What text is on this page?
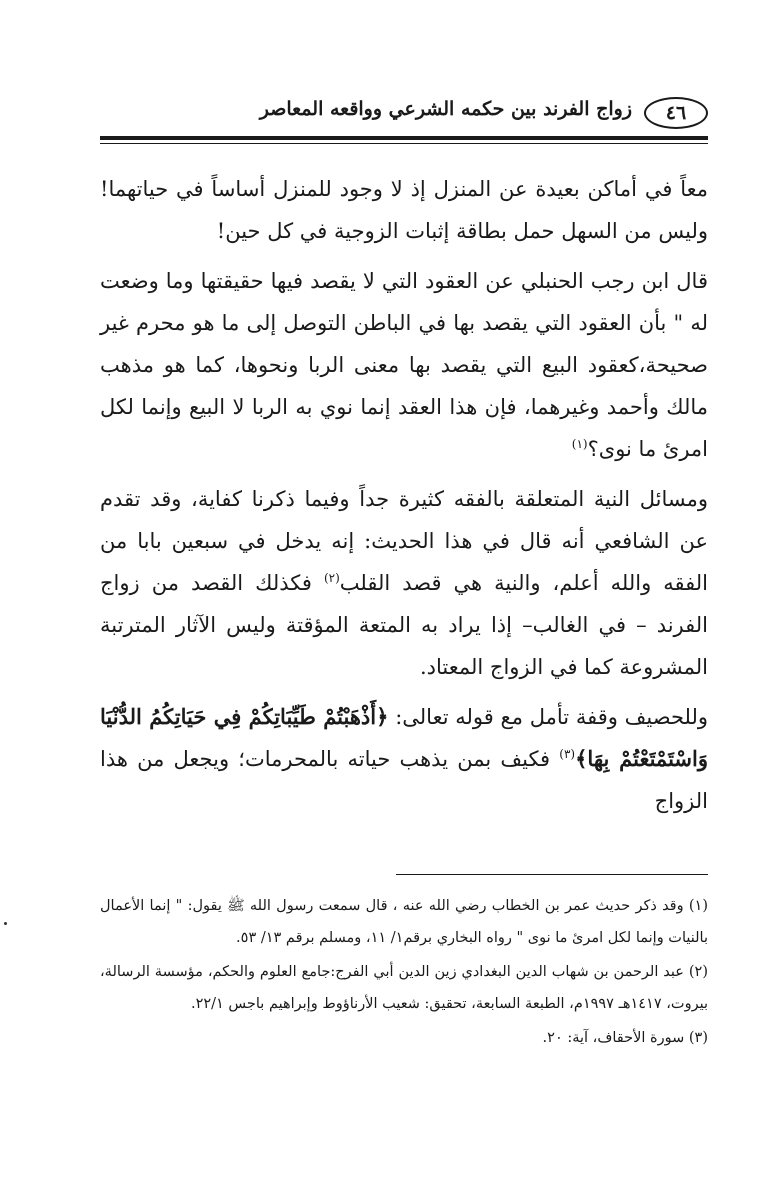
٤٦
زواج الفرند بين حكمه الشرعي وواقعه المعاصر

معاً في أماكن بعيدة عن المنزل إذ لا وجود للمنزل أساساً في حياتهما! وليس من السهل حمل بطاقة إثبات الزوجية في كل حين!

قال ابن رجب الحنبلي عن العقود التي لا يقصد فيها حقيقتها وما وضعت له " بأن العقود التي يقصد بها في الباطن التوصل إلى ما هو محرم غير صحيحة،كعقود البيع التي يقصد بها معنى الربا ونحوها، كما هو مذهب مالك وأحمد وغيرهما، فإن هذا العقد إنما نوي به الربا لا البيع وإنما لكل امرئ ما نوى؟$^{(١)}$

ومسائل النية المتعلقة بالفقه كثيرة جداً وفيما ذكرنا كفاية، وقد تقدم عن الشافعي أنه قال في هذا الحديث: إنه يدخل في سبعين بابا من الفقه والله أعلم، والنية هي قصد القلب$^{(٢)}$ فكذلك القصد من زواج الفرند – في الغالب– إذا يراد به المتعة المؤقتة وليس الآثار المترتبة المشروعة كما في الزواج المعتاد.

وللحصيف وقفة تأمل مع قوله تعالى: ﴿أَذْهَبْتُمْ طَيِّبَاتِكُمْ فِي حَيَاتِكُمُ الدُّنْيَا وَاسْتَمْتَعْتُمْ بِهَا﴾$^{(٣)}$ فكيف بمن يذهب حياته بالمحرمات؛ ويجعل من هذا الزواج

(١) وقد ذكر حديث عمر بن الخطاب رضي الله عنه ، قال سمعت رسول الله ﷺ يقول: " إنما الأعمال بالنيات وإنما لكل امرئ ما نوى " رواه البخاري برقم١/ ١١، ومسلم برقم ١٣/ ٥٣.

(٢) عبد الرحمن بن شهاب الدين البغدادي زين الدين أبي الفرج:جامع العلوم والحكم، مؤسسة الرسالة، بيروت، ١٤١٧هـ ١٩٩٧م، الطبعة السابعة، تحقيق: شعيب الأرناؤوط وإبراهيم باجس ٢٢/١.

(٣) سورة الأحقاف، آية: ٢٠.
